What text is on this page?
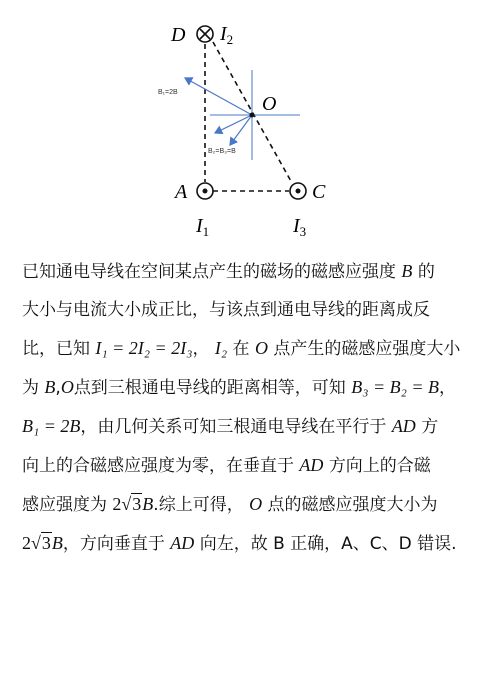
D $I_2$
O
A	C
$I_1$	$I_3$
B₁=2B
B₂=B₃=B

已知通电导线在空间某点产生的磁场的磁感应强度 B 的

大小与电流大小成正比，与该点到通电导线的距离成反

比，已知 I₁ = 2I₂ = 2I₃， I₂ 在 O 点产生的磁感应强度大小

为 B,O点到三根通电导线的距离相等，可知 B₃ = B₂ = B，

B₁ = 2B，由几何关系可知三根通电导线在平行于 AD 方

向上的合磁感应强度为零，在垂直于 AD 方向上的合磁

感应强度为 2√3B.综上可得， O 点的磁感应强度大小为

2√3B，方向垂直于 AD 向左，故 B 正确，A、C、D 错误.
